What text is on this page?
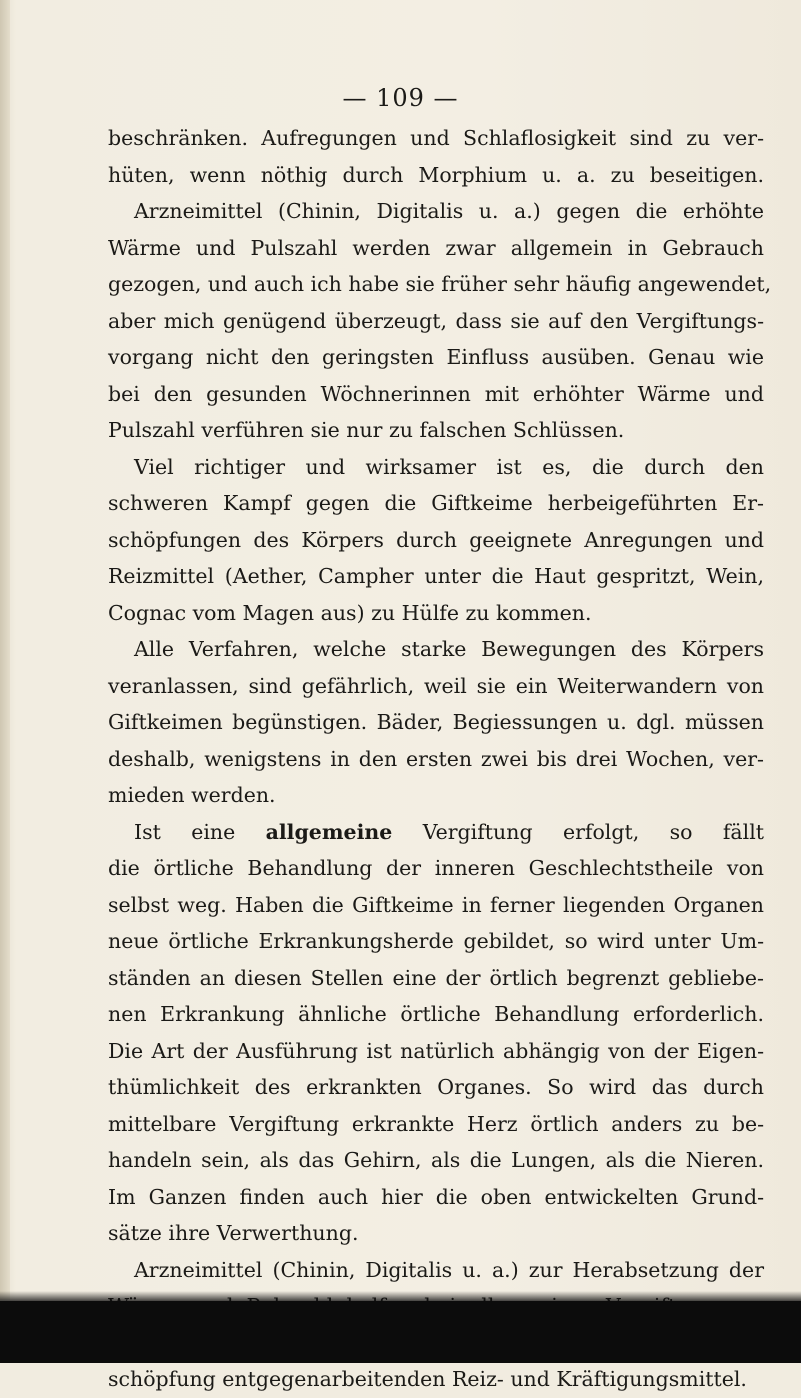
— 109 —
beschränken. Aufregungen und Schlaflosigkeit sind zu ver-
hüten, wenn nöthig durch Morphium u. a. zu beseitigen.
Arzneimittel (Chinin, Digitalis u. a.) gegen die erhöhte
Wärme und Pulszahl werden zwar allgemein in Gebrauch
gezogen, und auch ich habe sie früher sehr häufig angewendet,
aber mich genügend überzeugt, dass sie auf den Vergiftungs-
vorgang nicht den geringsten Einfluss ausüben. Genau wie
bei den gesunden Wöchnerinnen mit erhöhter Wärme und
Pulszahl verführen sie nur zu falschen Schlüssen.
Viel richtiger und wirksamer ist es, die durch den
schweren Kampf gegen die Giftkeime herbeigeführten Er-
schöpfungen des Körpers durch geeignete Anregungen und
Reizmittel (Aether, Campher unter die Haut gespritzt, Wein,
Cognac vom Magen aus) zu Hülfe zu kommen.
Alle Verfahren, welche starke Bewegungen des Körpers
veranlassen, sind gefährlich, weil sie ein Weiterwandern von
Giftkeimen begünstigen. Bäder, Begiessungen u. dgl. müssen
deshalb, wenigstens in den ersten zwei bis drei Wochen, ver-
mieden werden.
Ist eine allgemeine Vergiftung erfolgt, so fällt
die örtliche Behandlung der inneren Geschlechtstheile von
selbst weg. Haben die Giftkeime in ferner liegenden Organen
neue örtliche Erkrankungsherde gebildet, so wird unter Um-
ständen an diesen Stellen eine der örtlich begrenzt gebliebe-
nen Erkrankung ähnliche örtliche Behandlung erforderlich.
Die Art der Ausführung ist natürlich abhängig von der Eigen-
thümlichkeit des erkrankten Organes. So wird das durch
mittelbare Vergiftung erkrankte Herz örtlich anders zu be-
handeln sein, als das Gehirn, als die Lungen, als die Nieren.
Im Ganzen finden auch hier die oben entwickelten Grund-
sätze ihre Verwerthung.
Arzneimittel (Chinin, Digitalis u. a.) zur Herabsetzung der
schöpfung entgegenarbeitenden Reiz- und Kräftigungsmittel.
